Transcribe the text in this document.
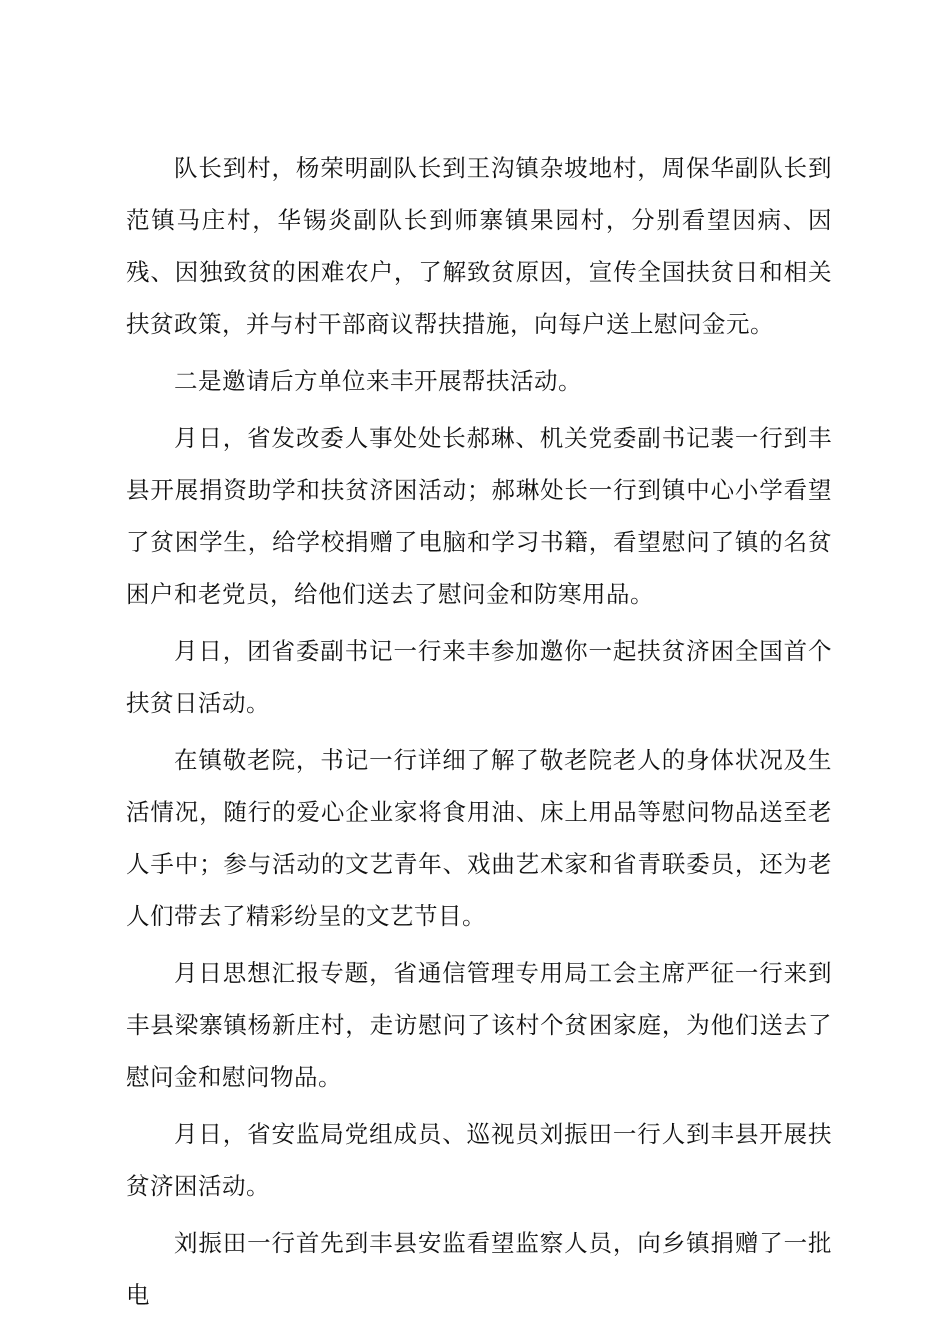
队长到村，杨荣明副队长到王沟镇杂坡地村，周保华副队长到范镇马庄村，华锡炎副队长到师寨镇果园村，分别看望因病、因残、因独致贫的困难农户，了解致贫原因，宣传全国扶贫日和相关扶贫政策，并与村干部商议帮扶措施，向每户送上慰问金元。

二是邀请后方单位来丰开展帮扶活动。

月日，省发改委人事处处长郝琳、机关党委副书记裴一行到丰县开展捐资助学和扶贫济困活动；郝琳处长一行到镇中心小学看望了贫困学生，给学校捐赠了电脑和学习书籍，看望慰问了镇的名贫困户和老党员，给他们送去了慰问金和防寒用品。

月日，团省委副书记一行来丰参加邀你一起扶贫济困全国首个扶贫日活动。

在镇敬老院，书记一行详细了解了敬老院老人的身体状况及生活情况，随行的爱心企业家将食用油、床上用品等慰问物品送至老人手中；参与活动的文艺青年、戏曲艺术家和省青联委员，还为老人们带去了精彩纷呈的文艺节目。

月日思想汇报专题，省通信管理专用局工会主席严征一行来到丰县梁寨镇杨新庄村，走访慰问了该村个贫困家庭，为他们送去了慰问金和慰问物品。

月日，省安监局党组成员、巡视员刘振田一行人到丰县开展扶贫济困活动。

刘振田一行首先到丰县安监看望监察人员，向乡镇捐赠了一批电
